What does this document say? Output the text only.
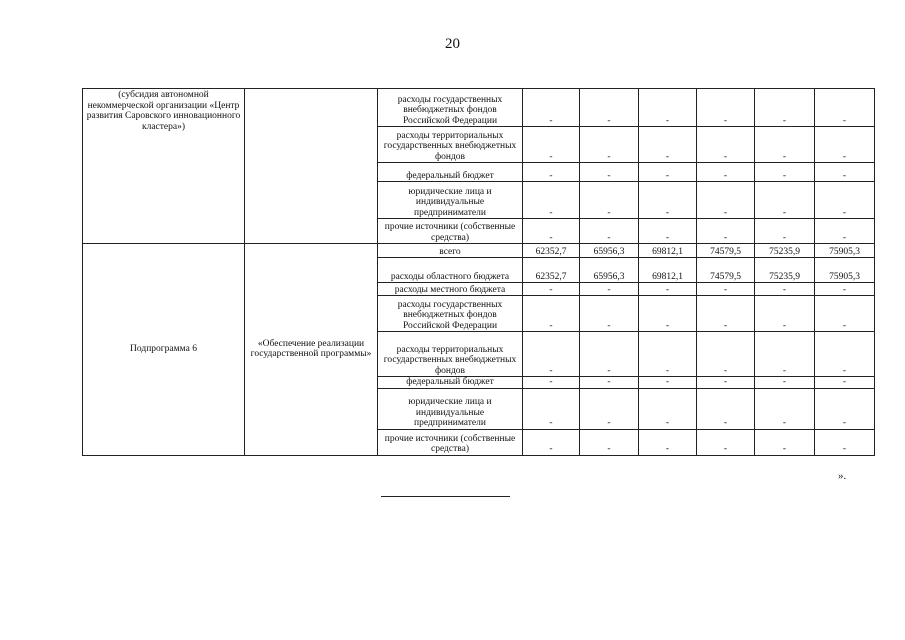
20
(субсидия автономной некоммерческой организации «Центр развития Саровского инновационного кластера»)		расходы государственных внебюджетных фондов Российской Федерации	-	-	-	-	-	-
		расходы территориальных государственных внебюджетных фондов	-	-	-	-	-	-
		федеральный бюджет	-	-	-	-	-	-
		юридические лица и индивидуальные предприниматели	-	-	-	-	-	-
		прочие источники (собственные средства)	-	-	-	-	-	-
Подпрограмма 6	«Обеспечение реализации государственной программы»	всего	62352,7	65956,3	69812,1	74579,5	75235,9	75905,3
		расходы областного бюджета	62352,7	65956,3	69812,1	74579,5	75235,9	75905,3
		расходы местного бюджета	-	-	-	-	-	-
		расходы государственных внебюджетных фондов Российской Федерации	-	-	-	-	-	-
		расходы территориальных государственных внебюджетных фондов	-	-	-	-	-	-
		федеральный бюджет	-	-	-	-	-	-
		юридические лица и индивидуальные предприниматели	-	-	-	-	-	-
		прочие источники (собственные средства)	-	-	-	-	-	-
».
